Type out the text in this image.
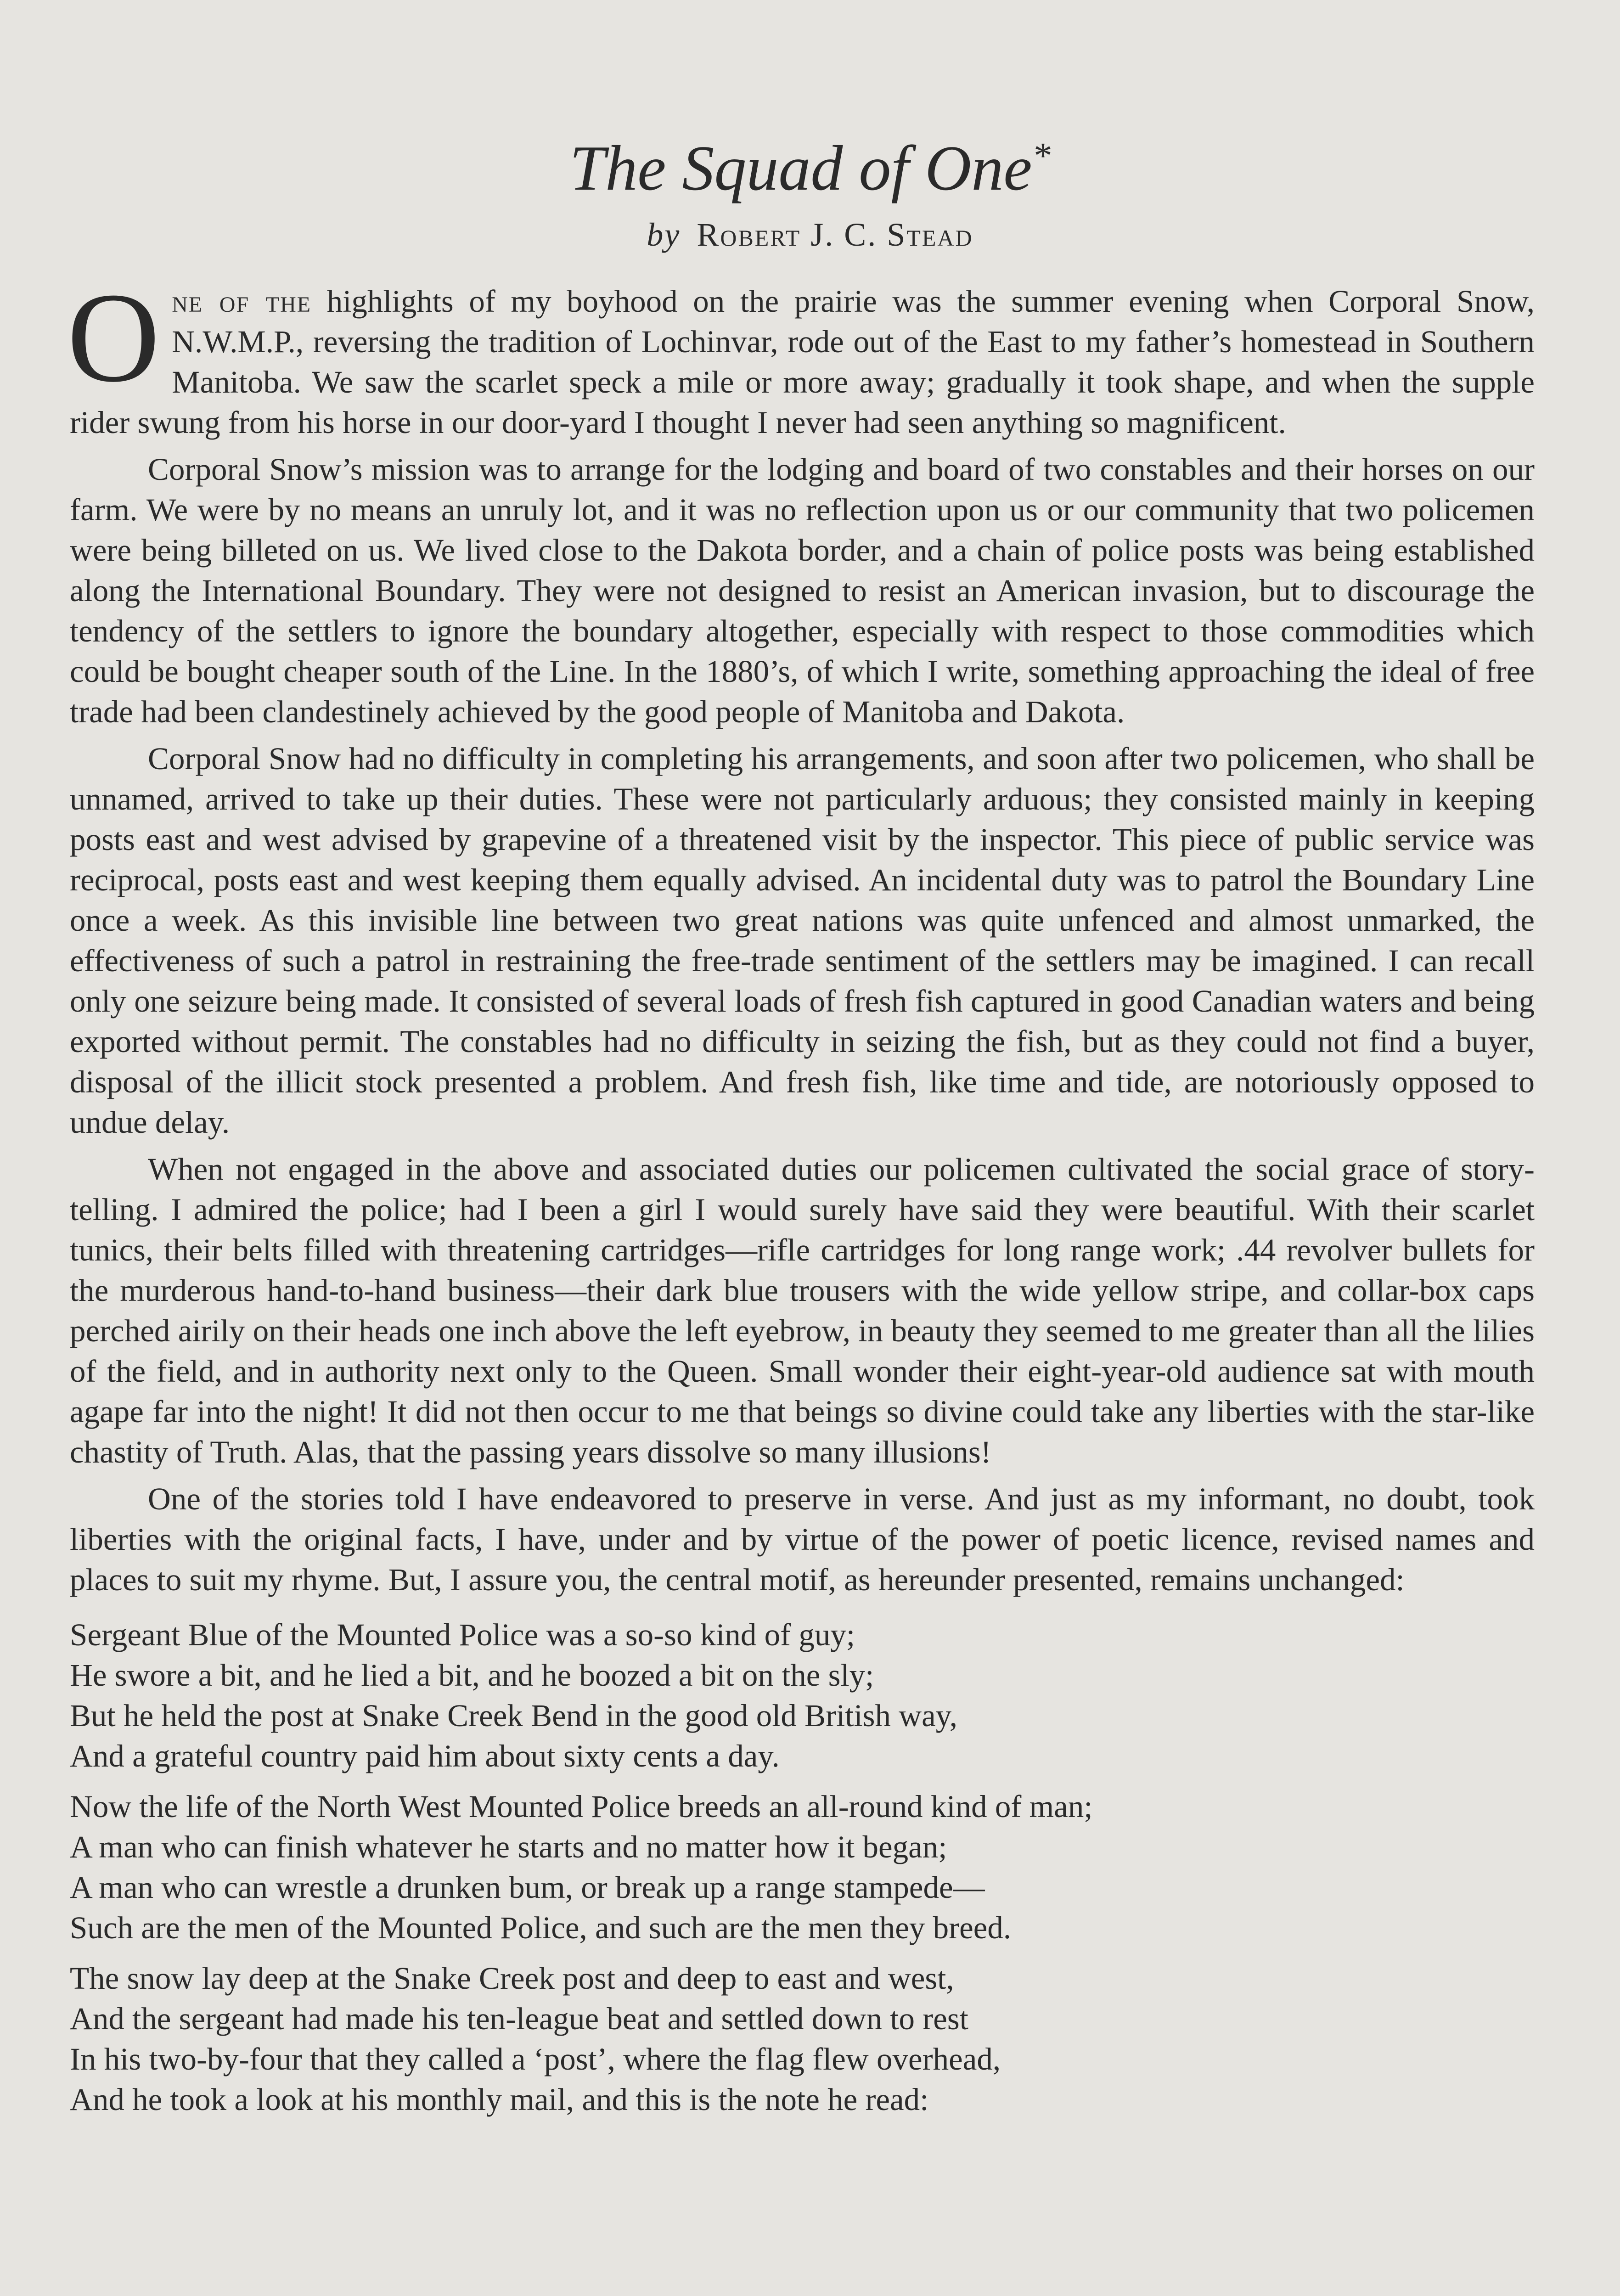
The Squad of One*
by Robert J. C. Stead

One of the highlights of my boyhood on the prairie was the summer evening when Corporal Snow, N.W.M.P., reversing the tradition of Lochinvar, rode out of the East to my father’s homestead in Southern Manitoba. We saw the scarlet speck a mile or more away; gradually it took shape, and when the supple rider swung from his horse in our door-yard I thought I never had seen anything so magnificent.

Corporal Snow’s mission was to arrange for the lodging and board of two constables and their horses on our farm. We were by no means an unruly lot, and it was no reflection upon us or our community that two policemen were being billeted on us. We lived close to the Dakota border, and a chain of police posts was being established along the International Boundary. They were not designed to resist an American invasion, but to discourage the tendency of the settlers to ignore the boundary altogether, especially with respect to those commodities which could be bought cheaper south of the Line. In the 1880’s, of which I write, something approaching the ideal of free trade had been clandestinely achieved by the good people of Manitoba and Dakota.

Corporal Snow had no difficulty in completing his arrangements, and soon after two policemen, who shall be unnamed, arrived to take up their duties. These were not particularly arduous; they consisted mainly in keeping posts east and west advised by grapevine of a threatened visit by the inspector. This piece of public service was reciprocal, posts east and west keeping them equally advised. An incidental duty was to patrol the Boundary Line once a week. As this invisible line between two great nations was quite unfenced and almost unmarked, the effectiveness of such a patrol in restraining the free-trade sentiment of the settlers may be imagined. I can recall only one seizure being made. It consisted of several loads of fresh fish captured in good Canadian waters and being exported without permit. The constables had no difficulty in seizing the fish, but as they could not find a buyer, disposal of the illicit stock presented a problem. And fresh fish, like time and tide, are notoriously opposed to undue delay.

When not engaged in the above and associated duties our policemen cultivated the social grace of story-telling. I admired the police; had I been a girl I would surely have said they were beautiful. With their scarlet tunics, their belts filled with threatening cartridges—rifle cartridges for long range work; .44 revolver bullets for the murderous hand-to-hand business—their dark blue trousers with the wide yellow stripe, and collar-box caps perched airily on their heads one inch above the left eyebrow, in beauty they seemed to me greater than all the lilies of the field, and in authority next only to the Queen. Small wonder their eight-year-old audience sat with mouth agape far into the night! It did not then occur to me that beings so divine could take any liberties with the star-like chastity of Truth. Alas, that the passing years dissolve so many illusions!

One of the stories told I have endeavored to preserve in verse. And just as my informant, no doubt, took liberties with the original facts, I have, under and by virtue of the power of poetic licence, revised names and places to suit my rhyme. But, I assure you, the central motif, as hereunder presented, remains unchanged:

Sergeant Blue of the Mounted Police was a so-so kind of guy;
He swore a bit, and he lied a bit, and he boozed a bit on the sly;
But he held the post at Snake Creek Bend in the good old British way,
And a grateful country paid him about sixty cents a day.
Now the life of the North West Mounted Police breeds an all-round kind of man;
A man who can finish whatever he starts and no matter how it began;
A man who can wrestle a drunken bum, or break up a range stampede—
Such are the men of the Mounted Police, and such are the men they breed.
The snow lay deep at the Snake Creek post and deep to east and west,
And the sergeant had made his ten-league beat and settled down to rest
In his two-by-four that they called a ‘post’, where the flag flew overhead,
And he took a look at his monthly mail, and this is the note he read:
